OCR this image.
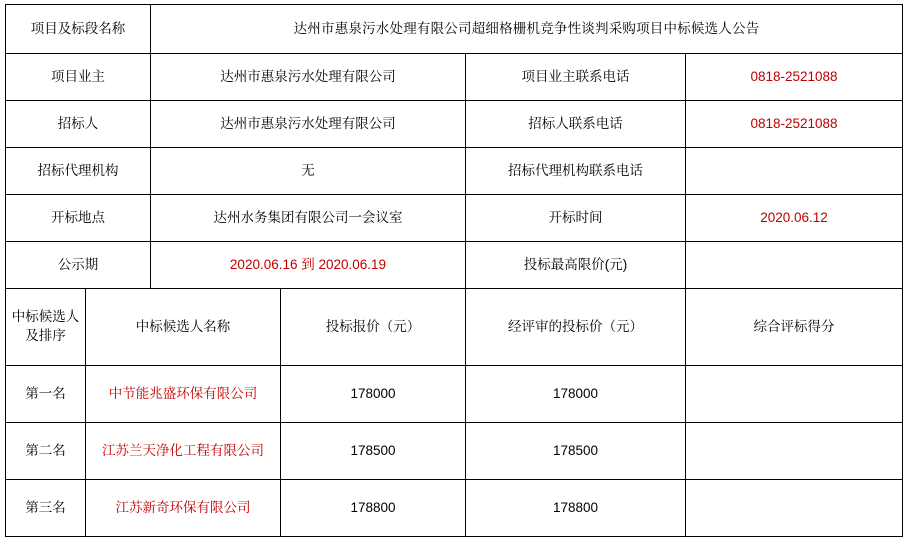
项目及标段名称		达州市惠泉污水处理有限公司超细格栅机竞争性谈判采购项目中标候选人公告			
项目业主		达州市惠泉污水处理有限公司		项目业主联系电话	0818-2521088
招标人		达州市惠泉污水处理有限公司		招标人联系电话	0818-2521088
招标代理机构		无		招标代理机构联系电话	
开标地点		达州水务集团有限公司一会议室		开标时间	2020.06.12
公示期		2020.06.16 到 2020.06.19		投标最高限价(元)	
中标候选人及排序	中标候选人名称		投标报价（元）	经评审的投标价（元）	综合评标得分
第一名	中节能兆盛环保有限公司		178000	178000	
第二名	江苏兰天净化工程有限公司		178500	178500	
第三名	江苏新奇环保有限公司		178800	178800	
